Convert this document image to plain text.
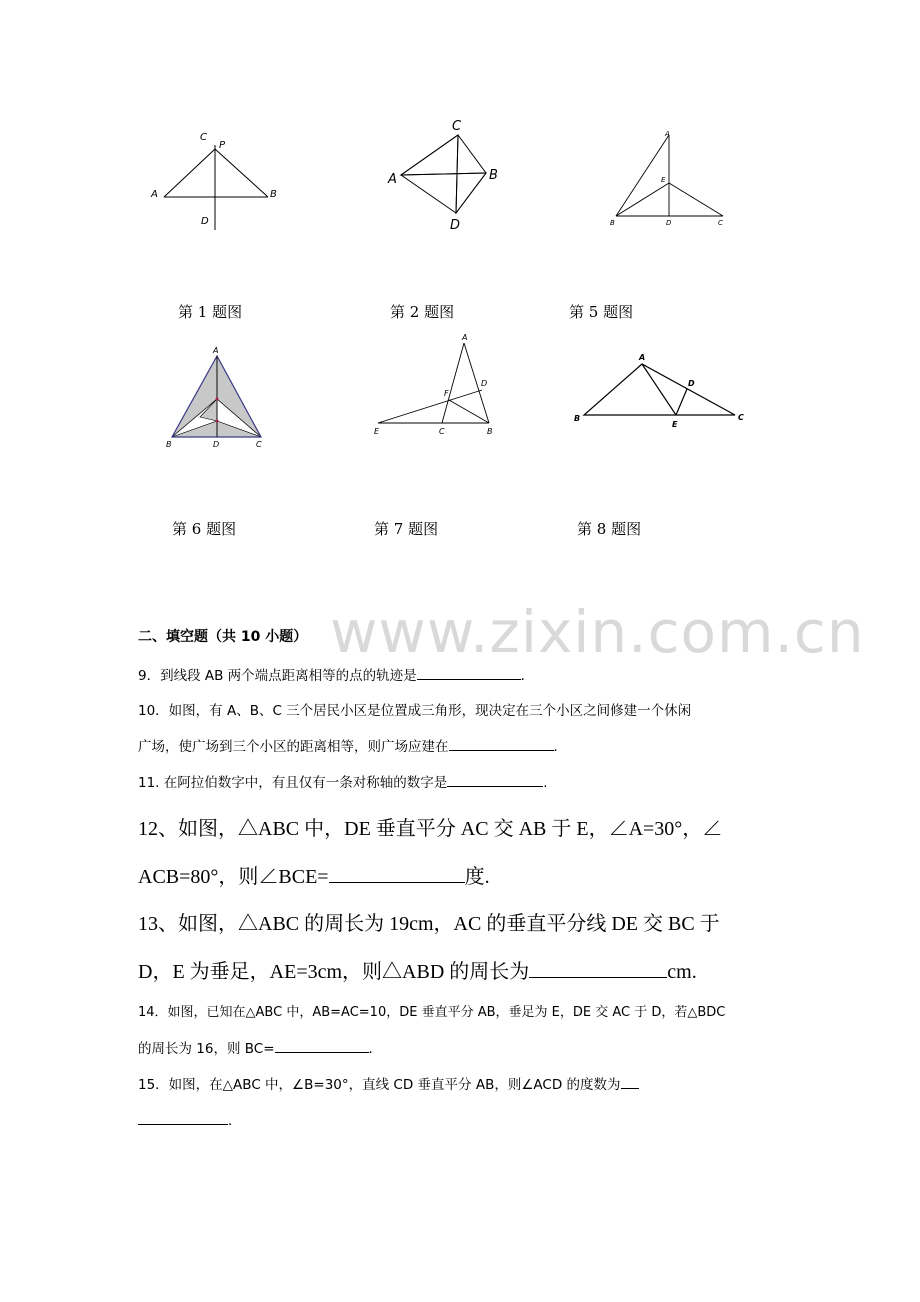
C
P
A	B
D
第 1 题图
C
A	B
D
第 2 题图
A
E
B	D	C
第 5 题图
A
B	D	C
第 6 题图
A
D
F
E	C	B
第 7 题图
A
D
B
E
C
第 8 题图
www.zixin.com.cn
二、填空题（共 10 小题）
9．到线段 AB 两个端点距离相等的点的轨迹是	．
10．如图，有 A、B、C 三个居民小区是位置成三角形，现决定在三个小区之间修建一个休闲
广场，使广场到三个小区的距离相等，则广场应建在	．
11. 在阿拉伯数字中，有且仅有一条对称轴的数字是	.
12、如图，△ABC 中，DE 垂直平分 AC 交 AB 于 E，∠A=30°，∠
ACB=80°，则∠BCE=	度.
13、如图，△ABC 的周长为 19cm，AC 的垂直平分线 DE 交 BC 于
D，E 为垂足，AE=3cm，则△ABD 的周长为	cm.
14．如图，已知在△ABC 中，AB=AC=10，DE 垂直平分 AB，垂足为 E，DE 交 AC 于 D，若△BDC
的周长为 16，则 BC=	．
15．如图，在△ABC 中，∠B=30°，直线 CD 垂直平分 AB，则∠ACD 的度数为
．
